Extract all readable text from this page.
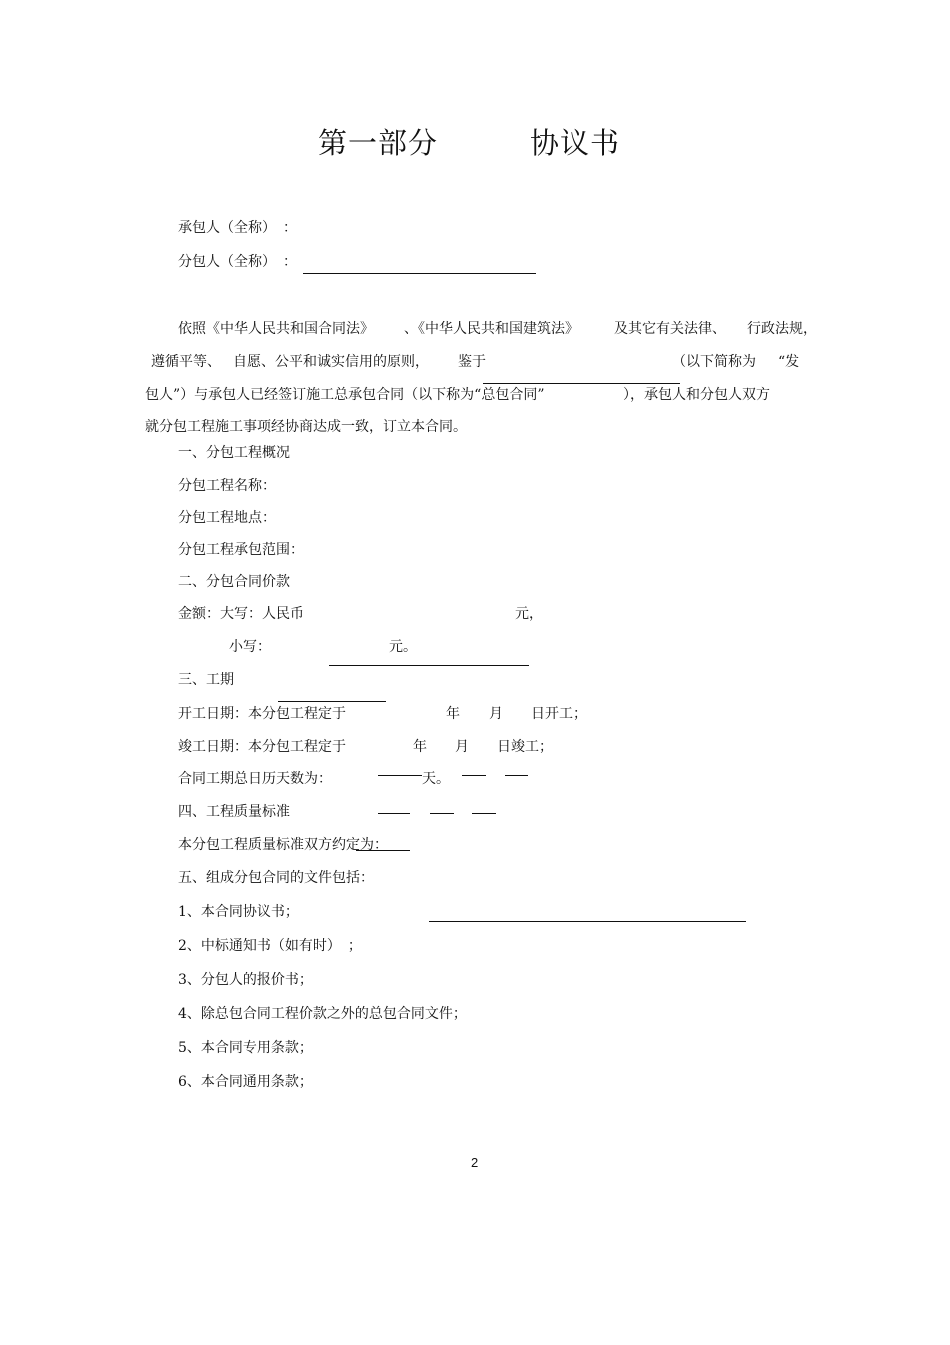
第一部分	协议书
承包人（全称）　：
分包人（全称）　：
依照《中华人民共和国合同法》 、《中华人民共和国建筑法》	及其它有关法律、 行政法规，
遵循平等、 自愿、公平和诚实信用的原则， 鉴于	（以下简称为 “发
包人”）与承包人已经签订施工总承包合同（以下称为“总包合同”	），承包人和分包人双方
就分包工程施工事项经协商达成一致，订立本合同。
一、分包工程概况
分包工程名称：
分包工程地点：
分包工程承包范围：
二、分包合同价款
金额：大写：人民币	元，
小写：	元。
三、工期
开工日期：本分包工程定于	年 月 日开工；
竣工日期：本分包工程定于	年 月 日竣工；
合同工期总日历天数为：	天。
四、工程质量标准
本分包工程质量标准双方约定为：
五、组成分包合同的文件包括：
1、本合同协议书；
2、中标通知书（如有时）　；
3、分包人的报价书；
4、除总包合同工程价款之外的总包合同文件；
5、本合同专用条款；
6、本合同通用条款；
2
